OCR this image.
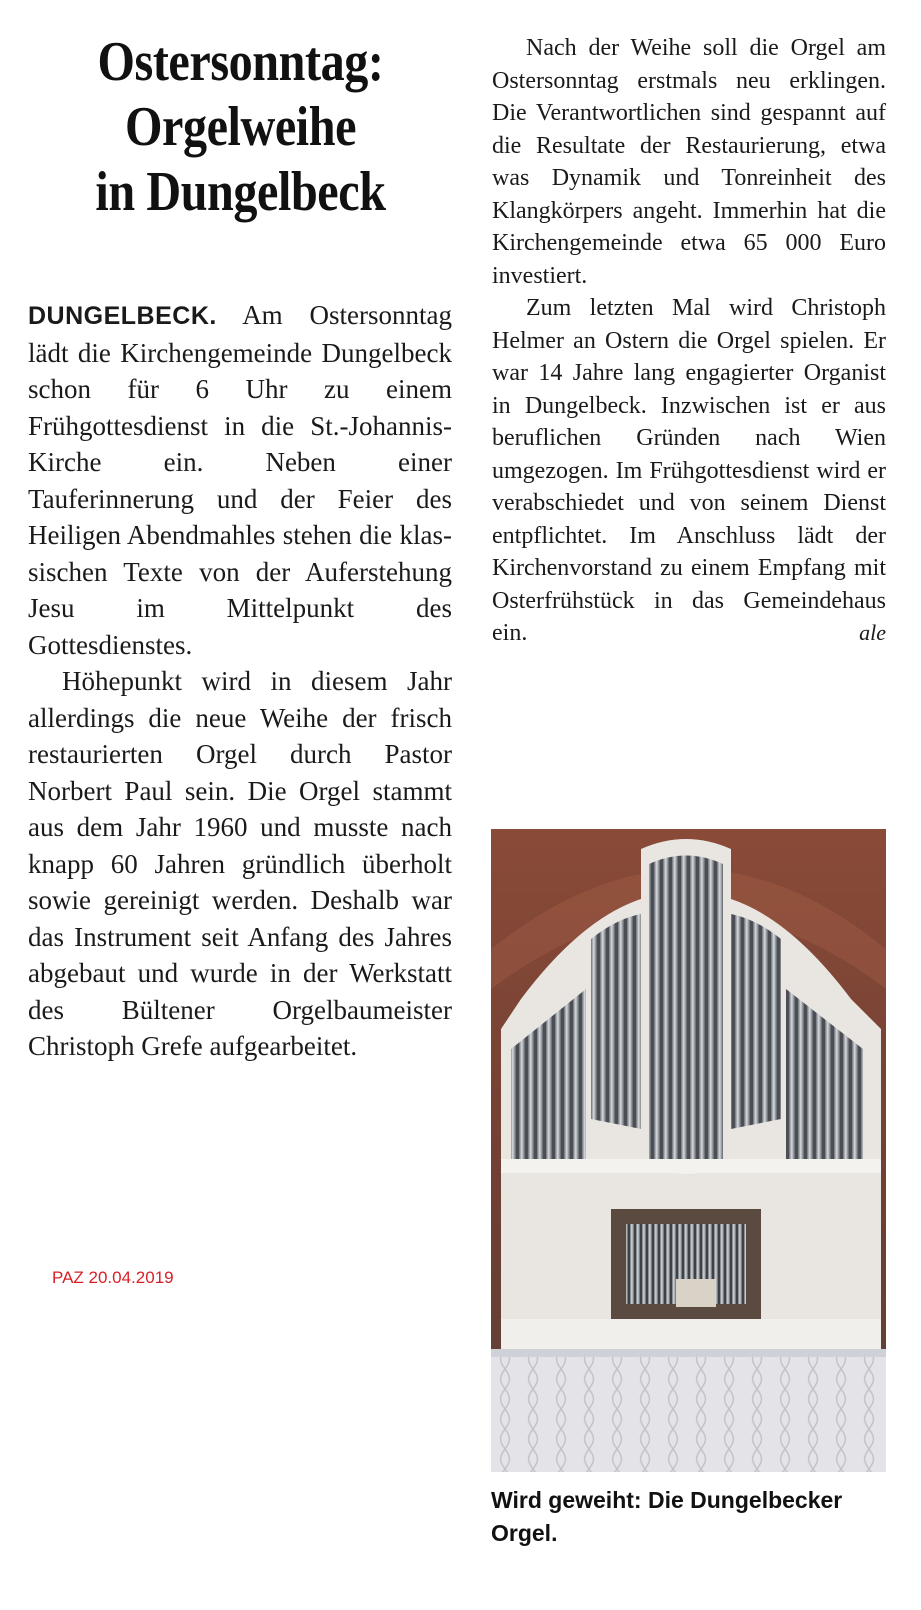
Ostersonntag:
Orgelweihe
in Dungelbeck

DUNGELBECK. Am Ostersonntag lädt die Kirchengemeinde Dungelbeck schon für 6 Uhr zu einem Frühgottesdienst in die St.-Johannis-Kirche ein. Neben einer Tauferinnerung und der Feier des Heiligen Abendmahles stehen die klassischen Texte von der Auferstehung Jesu im Mittelpunkt des Gottesdienstes.

Höhepunkt wird in diesem Jahr allerdings die neue Weihe der frisch restaurierten Orgel durch Pastor Norbert Paul sein. Die Orgel stammt aus dem Jahr 1960 und musste nach knapp 60 Jahren gründlich überholt sowie gereinigt werden. Deshalb war das Instrument seit Anfang des Jahres abgebaut und wurde in der Werkstatt des Bültener Orgelbaumeister Christoph Grefe aufgearbeitet.

Nach der Weihe soll die Orgel am Ostersonntag erstmals neu erklingen. Die Verantwortlichen sind gespannt auf die Resultate der Restaurierung, etwa was Dynamik und Tonreinheit des Klangkörpers angeht. Immerhin hat die Kirchengemeinde etwa 65 000 Euro investiert.

Zum letzten Mal wird Christoph Helmer an Ostern die Orgel spielen. Er war 14 Jahre lang engagierter Organist in Dungelbeck. Inzwischen ist er aus beruflichen Gründen nach Wien umgezogen. Im Frühgottesdienst wird er verabschiedet und von seinem Dienst entpflichtet. Im Anschluss lädt der Kirchenvorstand zu einem Empfang mit Osterfrühstück in das Gemeindehaus ein.	ale

PAZ 20.04.2019
Wird geweiht: Die Dungelbecker Orgel.
